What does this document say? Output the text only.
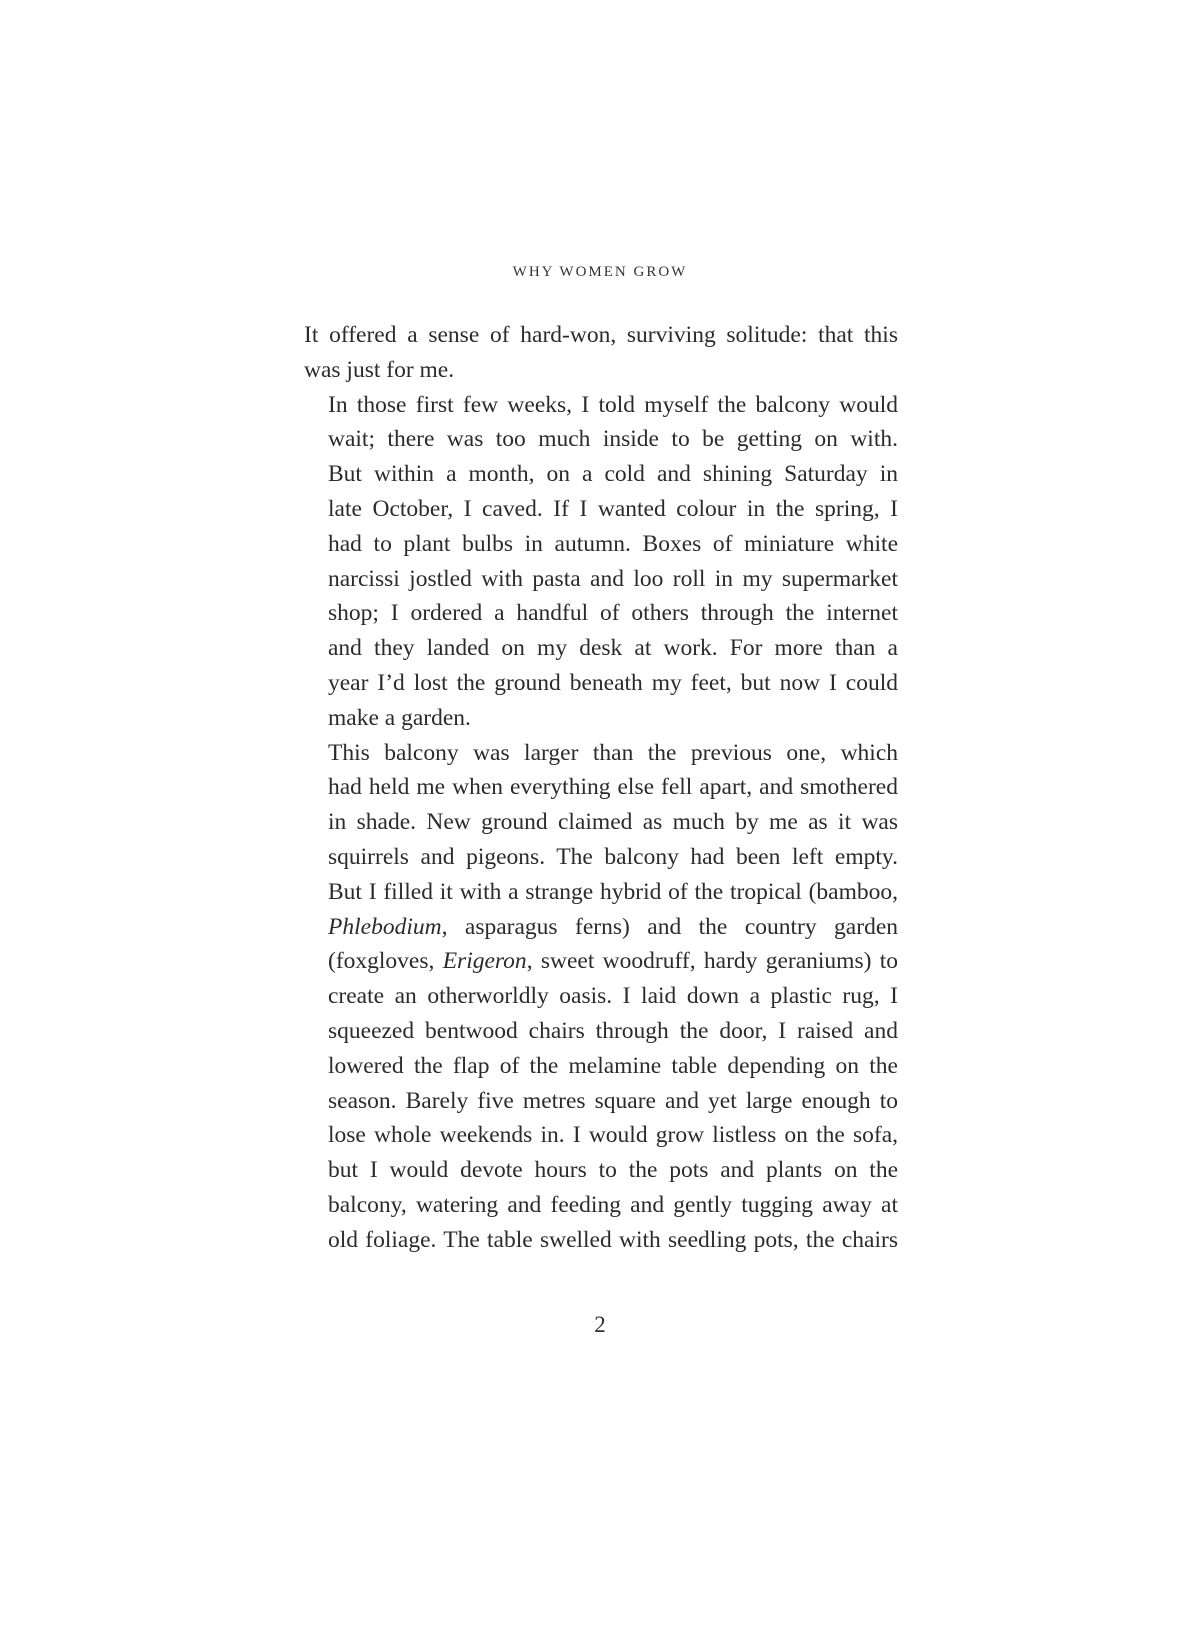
WHY WOMEN GROW

It offered a sense of hard-won, surviving solitude: that this
was just for me.

In those first few weeks, I told myself the balcony would
wait; there was too much inside to be getting on with.
But within a month, on a cold and shining Saturday in
late October, I caved. If I wanted colour in the spring, I
had to plant bulbs in autumn. Boxes of miniature white
narcissi jostled with pasta and loo roll in my supermarket
shop; I ordered a handful of others through the internet
and they landed on my desk at work. For more than a
year I’d lost the ground beneath my feet, but now I could
make a garden.

This balcony was larger than the previous one, which
had held me when everything else fell apart, and smothered
in shade. New ground claimed as much by me as it was
squirrels and pigeons. The balcony had been left empty.
But I filled it with a strange hybrid of the tropical (bamboo,
Phlebodium, asparagus ferns) and the country garden
(foxgloves, Erigeron, sweet woodruff, hardy geraniums) to
create an otherworldly oasis. I laid down a plastic rug, I
squeezed bentwood chairs through the door, I raised and
lowered the flap of the melamine table depending on the
season. Barely five metres square and yet large enough to
lose whole weekends in. I would grow listless on the sofa,
but I would devote hours to the pots and plants on the
balcony, watering and feeding and gently tugging away at
old foliage. The table swelled with seedling pots, the chairs

2
